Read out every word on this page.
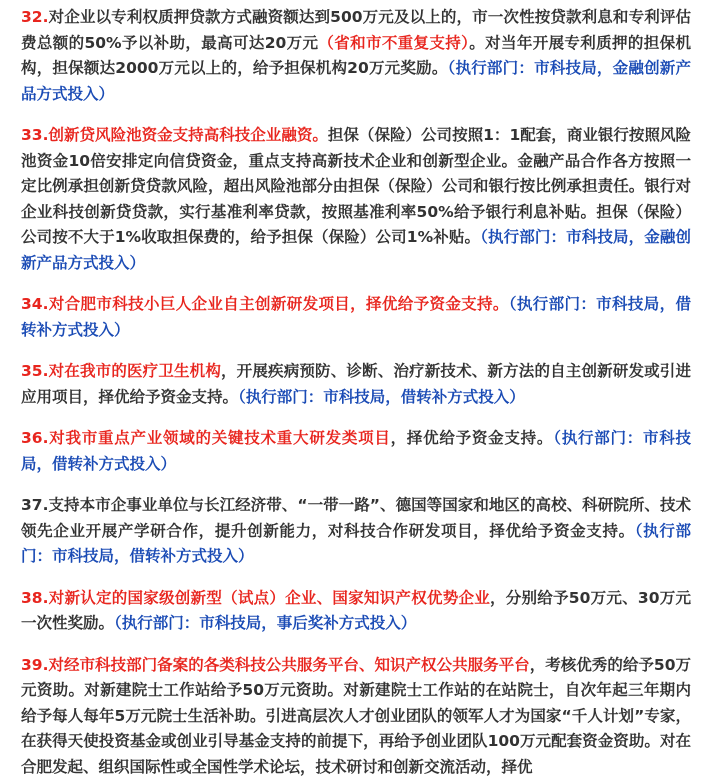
32.对企业以专利权质押贷款方式融资额达到500万元及以上的，市一次性按贷款利息和专利评估费总额的50%予以补助，最高可达20万元（省和市不重复支持）。对当年开展专利质押的担保机构，担保额达2000万元以上的，给予担保机构20万元奖励。（执行部门：市科技局，金融创新产品方式投入）

33.创新贷风险池资金支持高科技企业融资。担保（保险）公司按照1：1配套，商业银行按照风险池资金10倍安排定向信贷资金，重点支持高新技术企业和创新型企业。金融产品合作各方按照一定比例承担创新贷贷款风险，超出风险池部分由担保（保险）公司和银行按比例承担责任。银行对企业科技创新贷贷款，实行基准利率贷款，按照基准利率50%给予银行利息补贴。担保（保险）公司按不大于1%收取担保费的，给予担保（保险）公司1%补贴。（执行部门：市科技局，金融创新产品方式投入）

34.对合肥市科技小巨人企业自主创新研发项目，择优给予资金支持。（执行部门：市科技局，借转补方式投入）

35.对在我市的医疗卫生机构，开展疾病预防、诊断、治疗新技术、新方法的自主创新研发或引进应用项目，择优给予资金支持。（执行部门：市科技局，借转补方式投入）

36.对我市重点产业领域的关键技术重大研发类项目，择优给予资金支持。（执行部门：市科技局，借转补方式投入）

37.支持本市企事业单位与长江经济带、“一带一路”、德国等国家和地区的高校、科研院所、技术领先企业开展产学研合作，提升创新能力，对科技合作研发项目，择优给予资金支持。（执行部门：市科技局，借转补方式投入）

38.对新认定的国家级创新型（试点）企业、国家知识产权优势企业，分别给予50万元、30万元一次性奖励。（执行部门：市科技局，事后奖补方式投入）

39.对经市科技部门备案的各类科技公共服务平台、知识产权公共服务平台，考核优秀的给予50万元资助。对新建院士工作站给予50万元资助。对新建院士工作站的在站院士，自次年起三年期内给予每人每年5万元院士生活补助。引进高层次人才创业团队的领军人才为国家“千人计划”专家，在获得天使投资基金或创业引导基金支持的前提下，再给予创业团队100万元配套资金资助。对在合肥发起、组织国际性或全国性学术论坛，技术研讨和创新交流活动，择优
